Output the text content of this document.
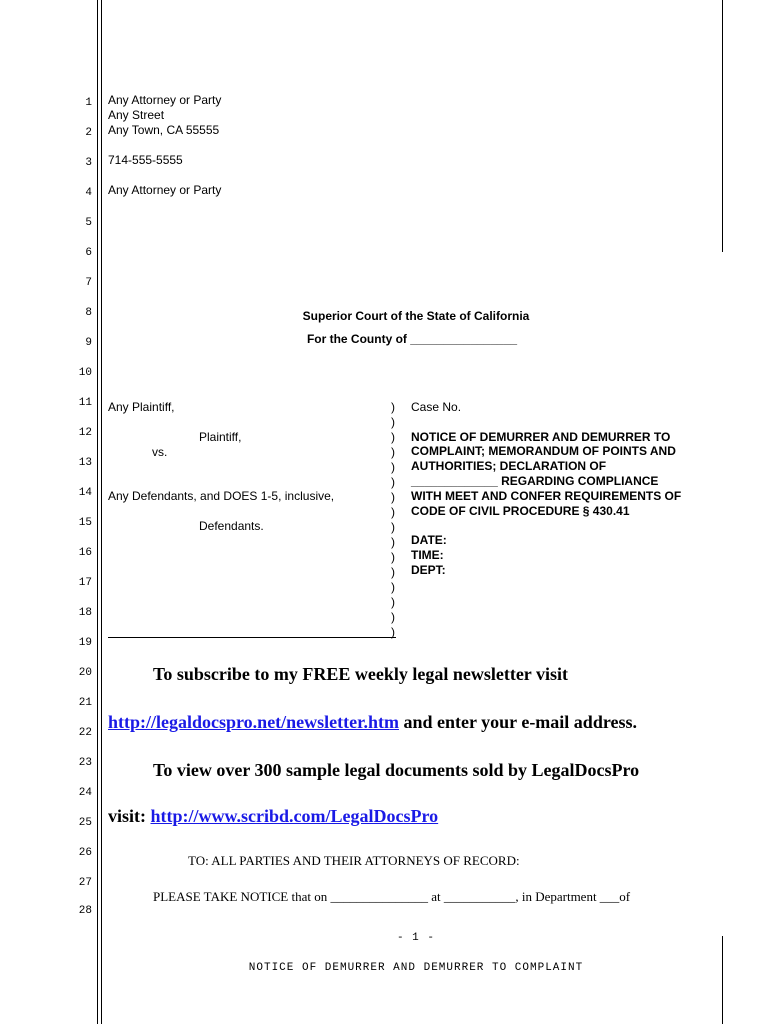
1
2
3
4
5
6
7
8
9
10
11
12
13
14
15
16
17
18
19
20
21
22
23
24
25
26
27
28
Any Attorney or Party
Any Street
Any Town, CA 55555
714-555-5555
Any Attorney or Party
Superior Court of the State of California
For the County of ________________
Any Plaintiff,
Plaintiff,
vs.
Any Defendants, and DOES 1-5, inclusive,
Defendants.
)
)
)
)
)
)
)
)
)
)
)
)
)
)
)
)
Case No.
NOTICE OF DEMURRER AND DEMURRER TO
COMPLAINT; MEMORANDUM OF POINTS AND
AUTHORITIES; DECLARATION OF
_____________ REGARDING COMPLIANCE
WITH MEET AND CONFER REQUIREMENTS OF
CODE OF CIVIL PROCEDURE § 430.41
DATE:
TIME:
DEPT:
To subscribe to my FREE weekly legal newsletter visit
http://legaldocspro.net/newsletter.htm and enter your e-mail address.
To view over 300 sample legal documents sold by LegalDocsPro
visit: http://www.scribd.com/LegalDocsPro
TO: ALL PARTIES AND THEIR ATTORNEYS OF RECORD:
PLEASE TAKE NOTICE that on _______________ at ___________, in Department ___of
- 1 -
NOTICE OF DEMURRER AND DEMURRER TO COMPLAINT
